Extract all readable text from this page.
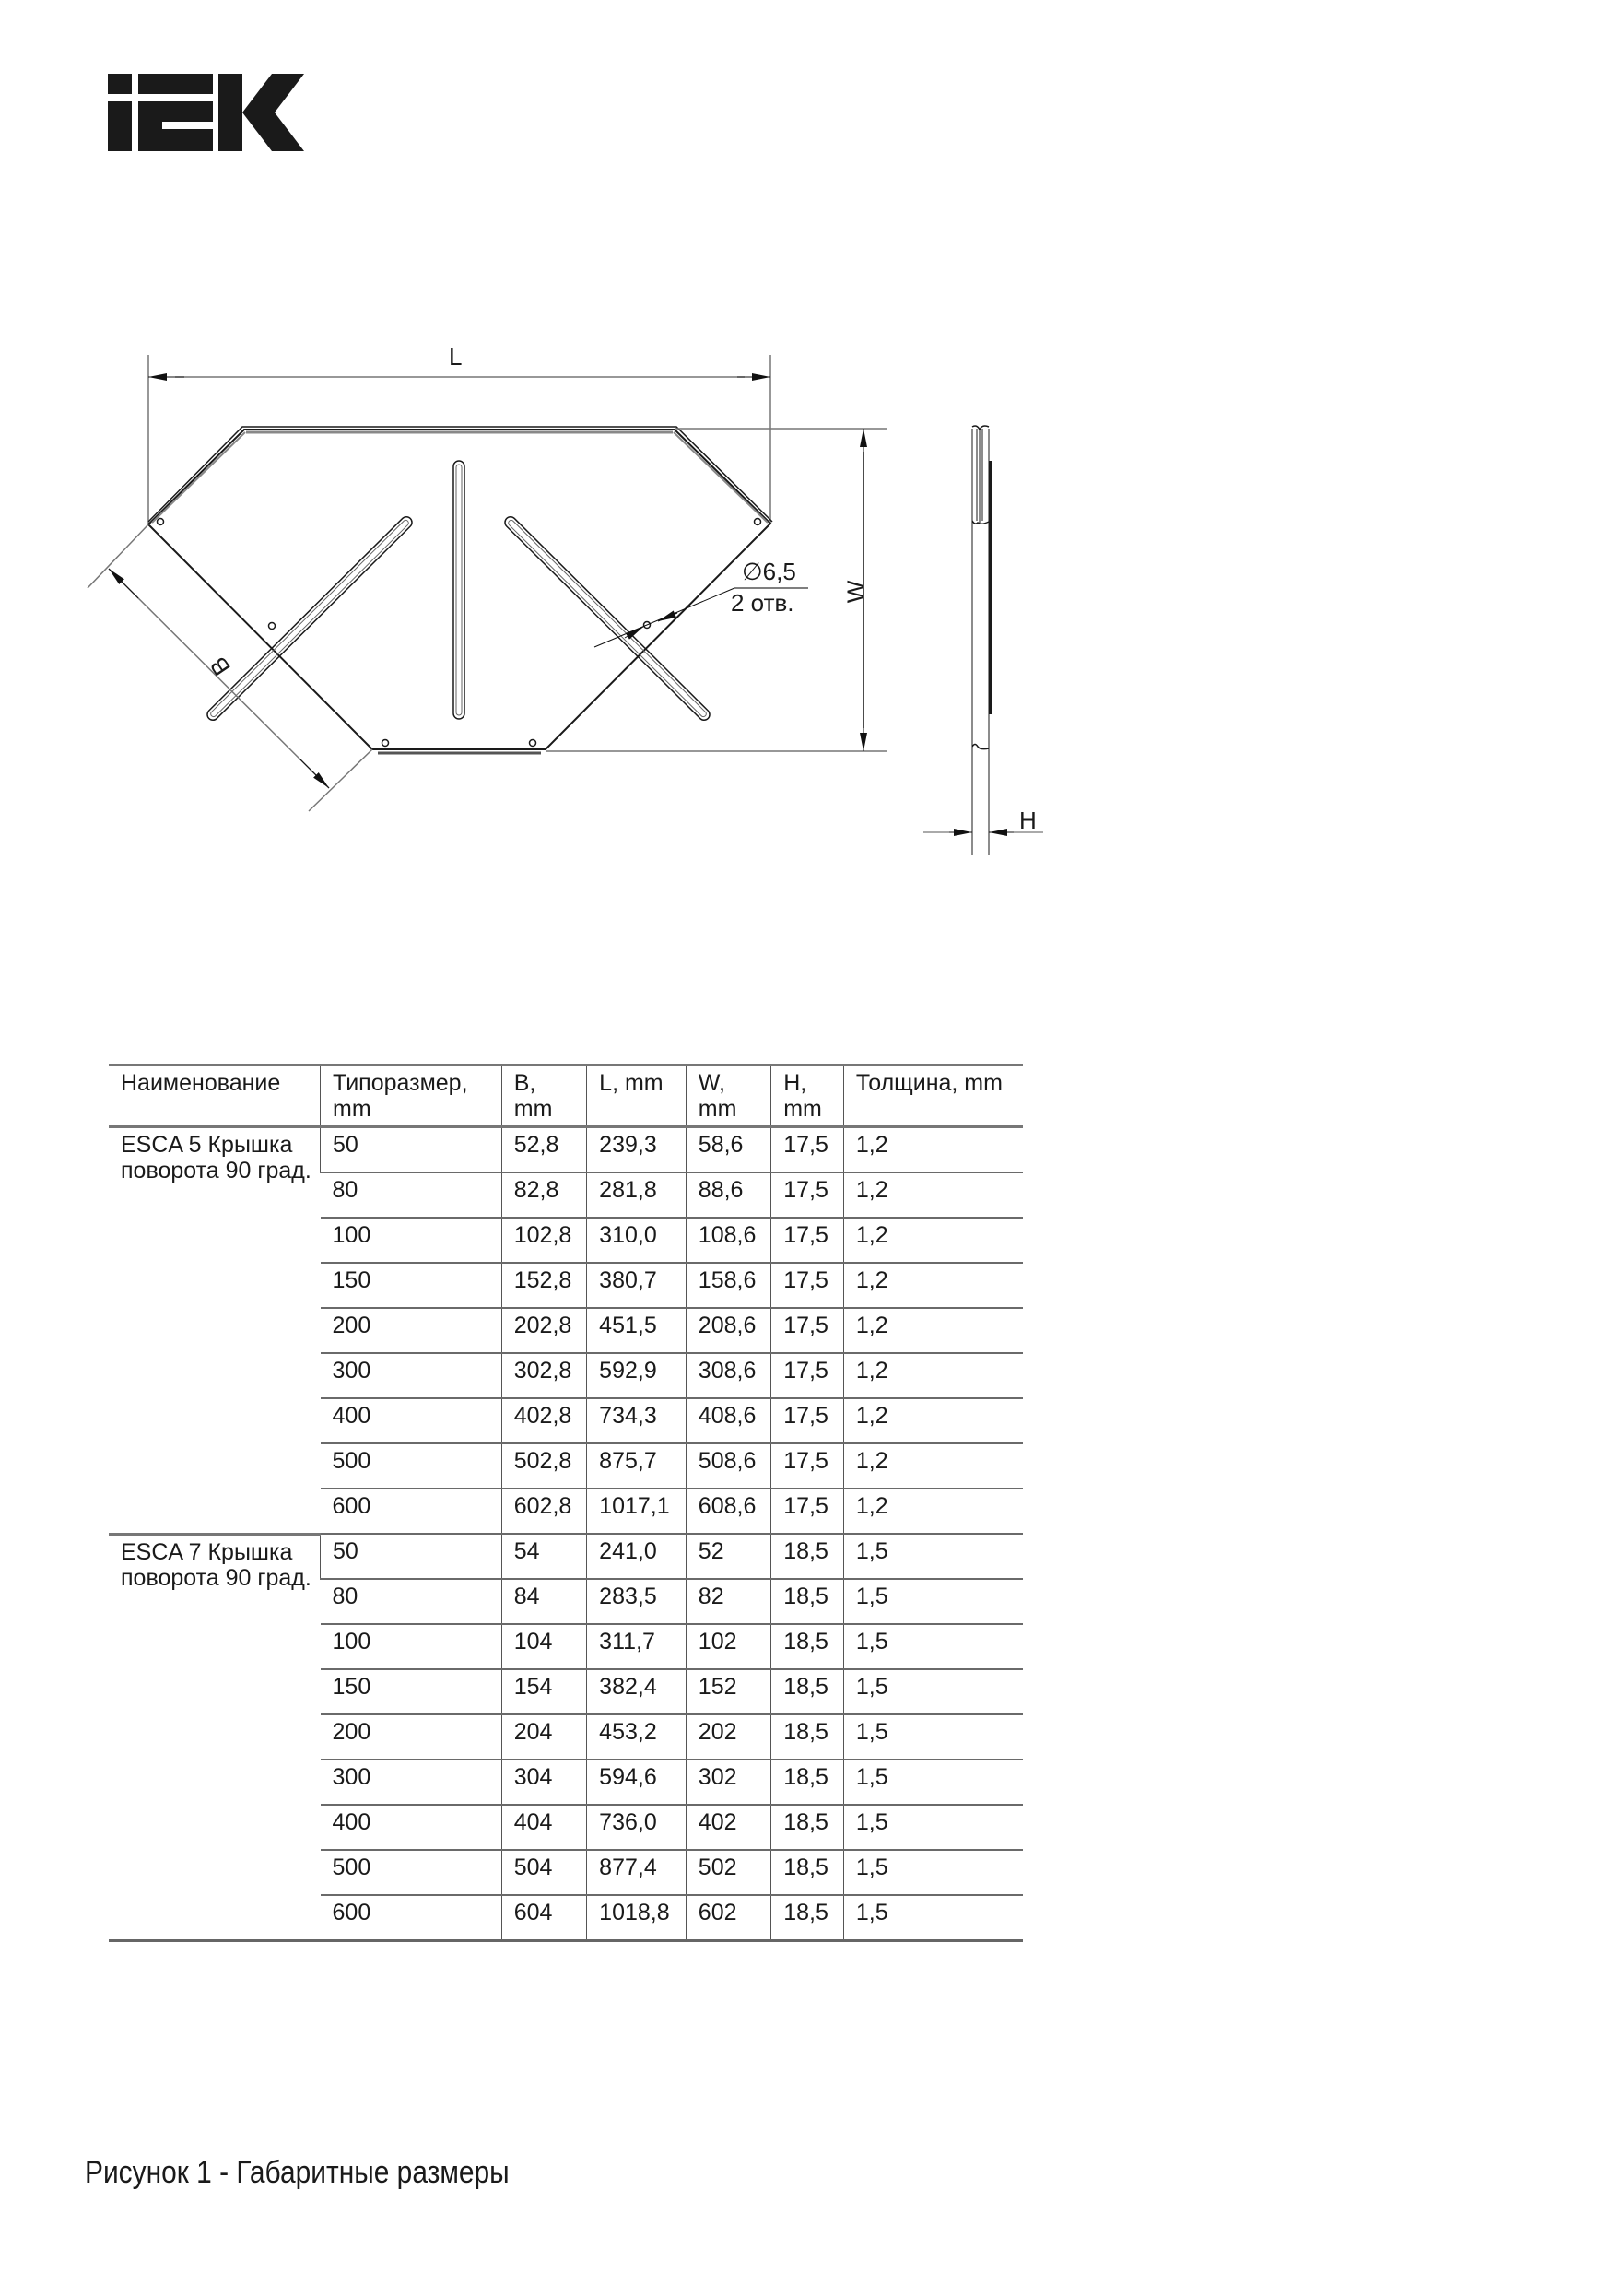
L
B
W
H
∅6,5
2 отв.
Наименование	Типоразмер, mm	B, mm	L, mm	W, mm	H, mm	Толщина, mm
ESCA 5 Крышка поворота 90 град.	50	52,8	239,3	58,6	17,5	1,2
	80	82,8	281,8	88,6	17,5	1,2
	100	102,8	310,0	108,6	17,5	1,2
	150	152,8	380,7	158,6	17,5	1,2
	200	202,8	451,5	208,6	17,5	1,2
	300	302,8	592,9	308,6	17,5	1,2
	400	402,8	734,3	408,6	17,5	1,2
	500	502,8	875,7	508,6	17,5	1,2
	600	602,8	1017,1	608,6	17,5	1,2
ESCA 7 Крышка поворота 90 град.	50	54	241,0	52	18,5	1,5
	80	84	283,5	82	18,5	1,5
	100	104	311,7	102	18,5	1,5
	150	154	382,4	152	18,5	1,5
	200	204	453,2	202	18,5	1,5
	300	304	594,6	302	18,5	1,5
	400	404	736,0	402	18,5	1,5
	500	504	877,4	502	18,5	1,5
	600	604	1018,8	602	18,5	1,5
Рисунок 1 - Габаритные размеры
